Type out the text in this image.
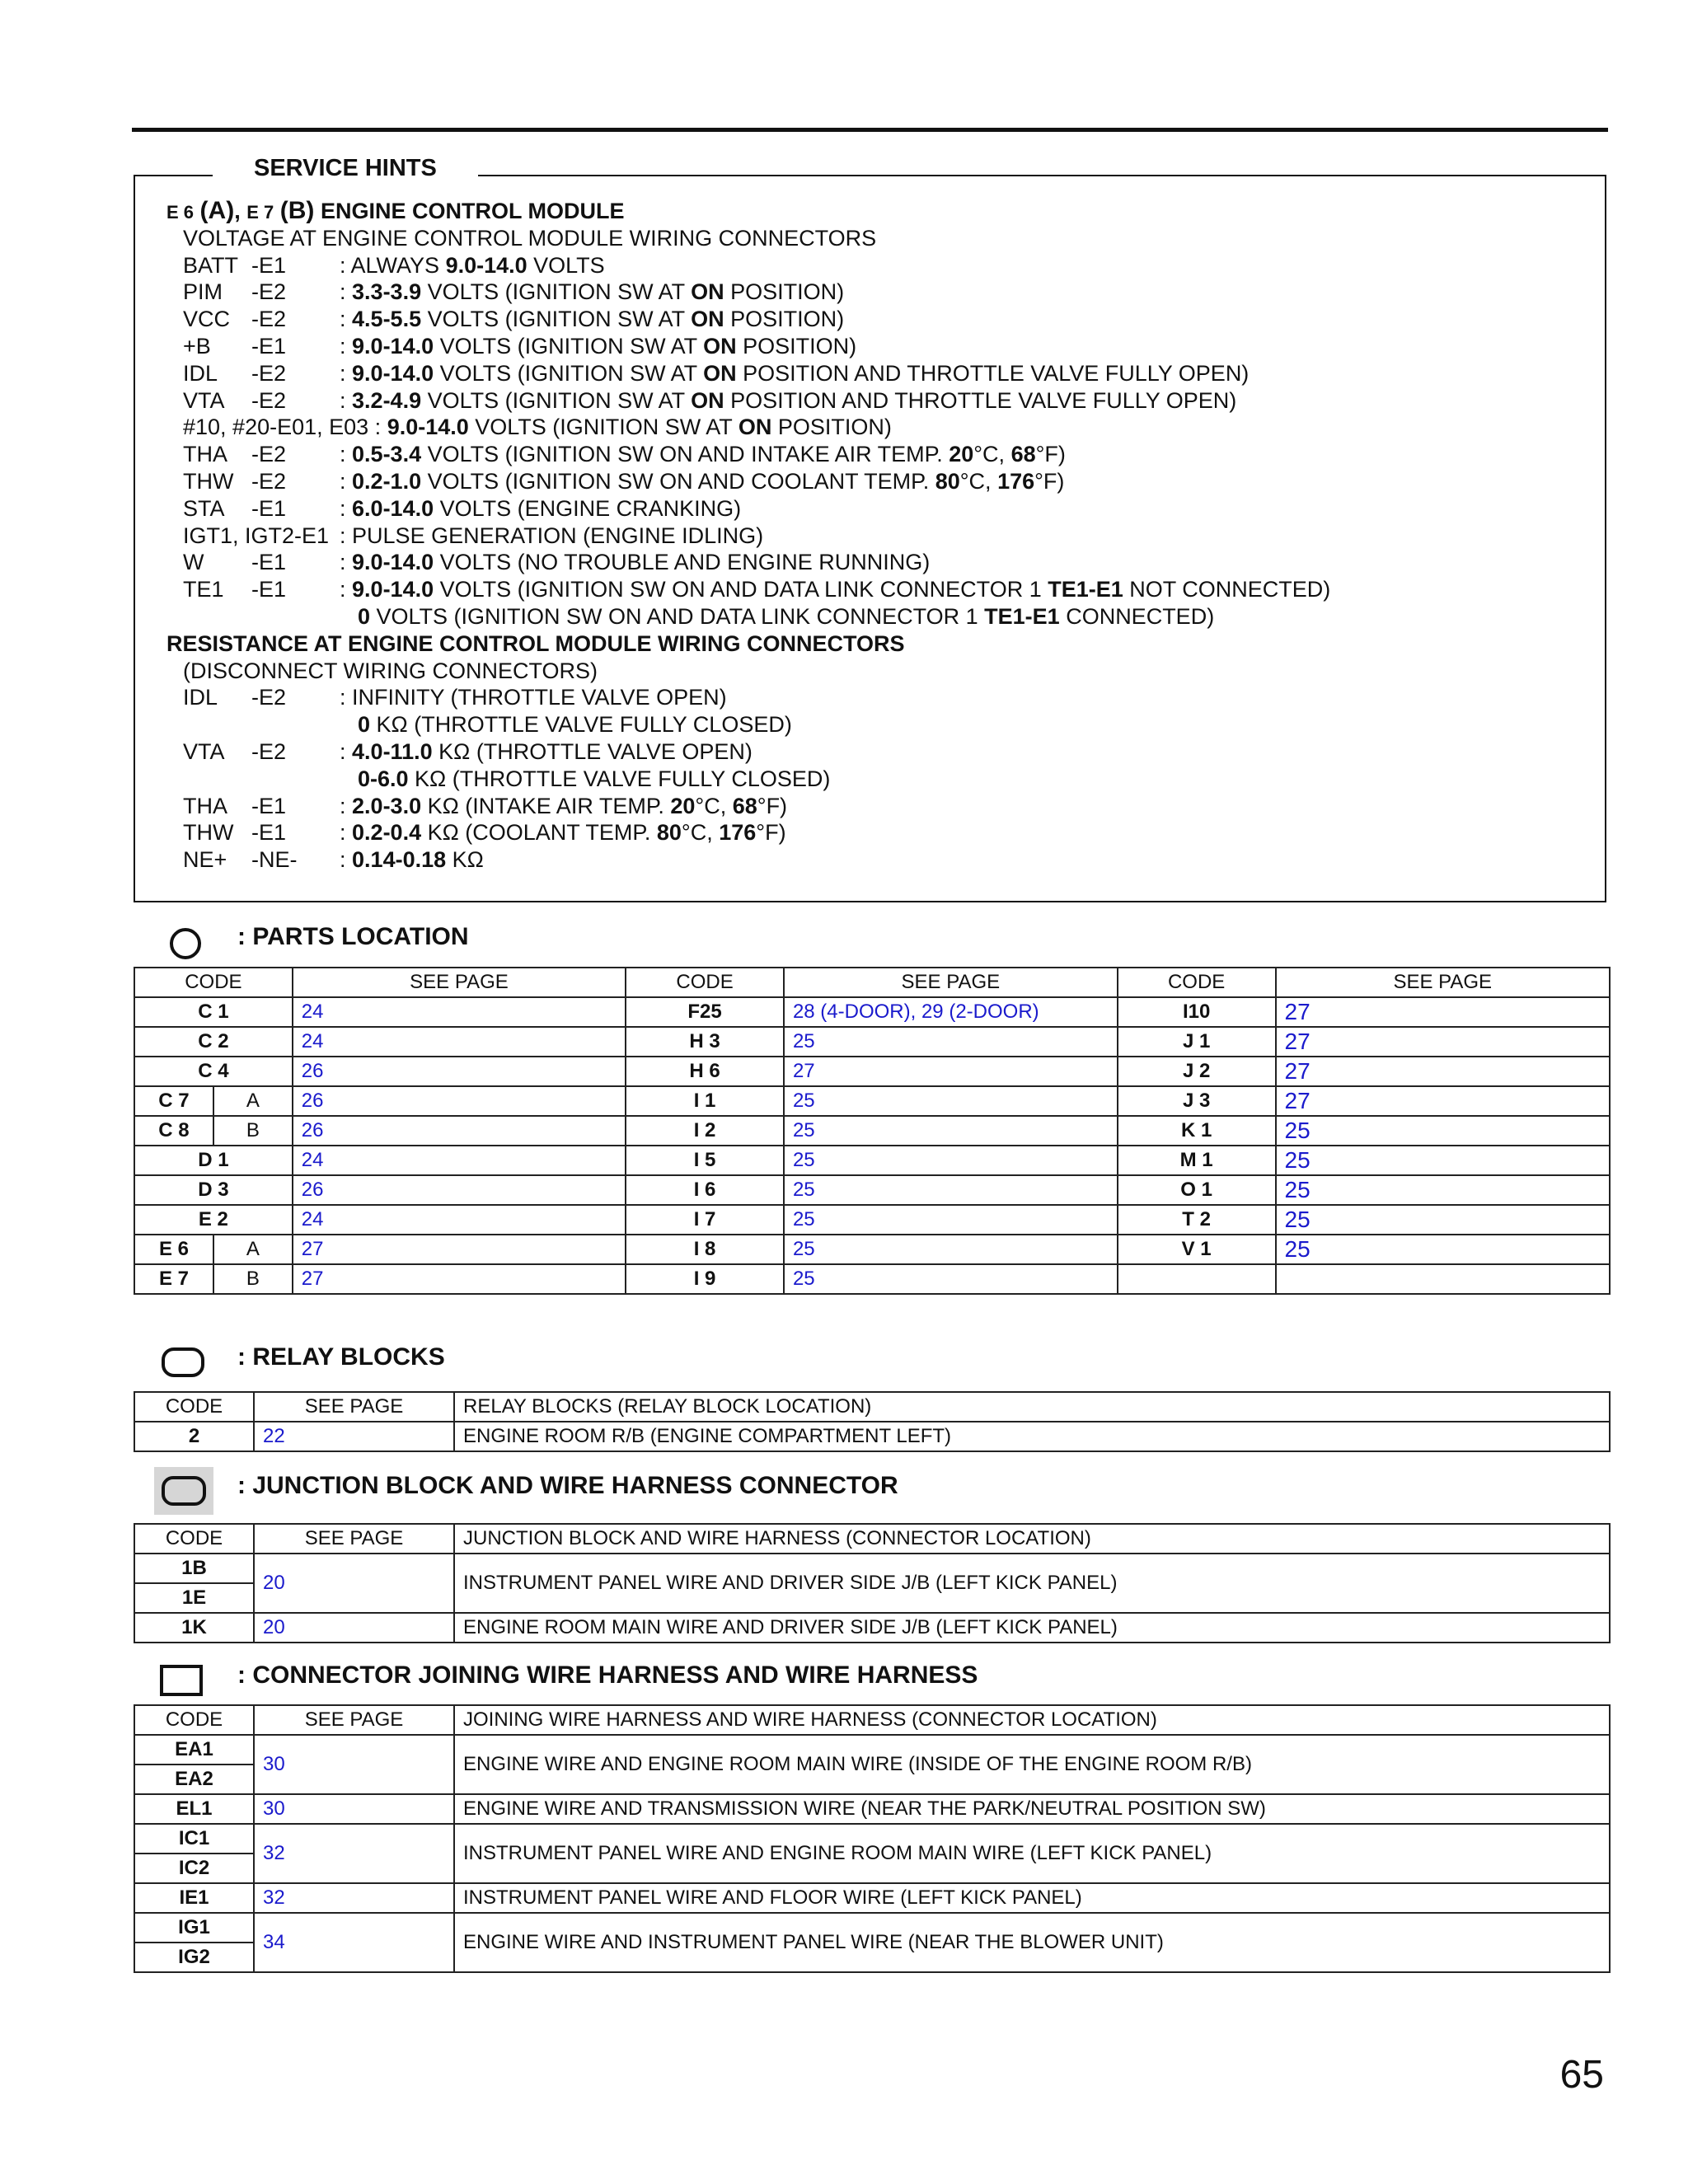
E 6 (A), E 7 (B) ENGINE CONTROL MODULE
VOLTAGE AT ENGINE CONTROL MODULE WIRING CONNECTORS
BATT -E1 : ALWAYS 9.0-14.0 VOLTS
PIM -E2 : 3.3-3.9 VOLTS (IGNITION SW AT ON POSITION)
VCC -E2 : 4.5-5.5 VOLTS (IGNITION SW AT ON POSITION)
+B -E1 : 9.0-14.0 VOLTS (IGNITION SW AT ON POSITION)
IDL -E2 : 9.0-14.0 VOLTS (IGNITION SW AT ON POSITION AND THROTTLE VALVE FULLY OPEN)
VTA -E2 : 3.2-4.9 VOLTS (IGNITION SW AT ON POSITION AND THROTTLE VALVE FULLY OPEN)
#10, #20-E01, E03 : 9.0-14.0 VOLTS (IGNITION SW AT ON POSITION)
THA -E2 : 0.5-3.4 VOLTS (IGNITION SW ON AND INTAKE AIR TEMP. 20°C, 68°F)
THW -E2 : 0.2-1.0 VOLTS (IGNITION SW ON AND COOLANT TEMP. 80°C, 176°F)
STA -E1 : 6.0-14.0 VOLTS (ENGINE CRANKING)
IGT1, IGT2-E1 : PULSE GENERATION (ENGINE IDLING)
W -E1 : 9.0-14.0 VOLTS (NO TROUBLE AND ENGINE RUNNING)
TE1 -E1 : 9.0-14.0 VOLTS (IGNITION SW ON AND DATA LINK CONNECTOR 1 TE1-E1 NOT CONNECTED)
0 VOLTS (IGNITION SW ON AND DATA LINK CONNECTOR 1 TE1-E1 CONNECTED)
RESISTANCE AT ENGINE CONTROL MODULE WIRING CONNECTORS
(DISCONNECT WIRING CONNECTORS)
IDL -E2 : INFINITY (THROTTLE VALVE OPEN)
0 KΩ (THROTTLE VALVE FULLY CLOSED)
VTA -E2 : 4.0-11.0 KΩ (THROTTLE VALVE OPEN)
0-6.0 KΩ (THROTTLE VALVE FULLY CLOSED)
THA -E1 : 2.0-3.0 KΩ (INTAKE AIR TEMP. 20°C, 68°F)
THW -E1 : 0.2-0.4 KΩ (COOLANT TEMP. 80°C, 176°F)
NE+ -NE- : 0.14-0.18 KΩ
SERVICE HINTS
: PARTS LOCATION
CODE		SEE PAGE	CODE	SEE PAGE	CODE	SEE PAGE
C 1		24	F25	28 (4-DOOR), 29 (2-DOOR)	I10	27
C 2		24	H 3	25	J 1	27
C 4		26	H 6	27	J 2	27
C 7	A	26	I 1	25	J 3	27
C 8	B	26	I 2	25	K 1	25
D 1		24	I 5	25	M 1	25
D 3		26	I 6	25	O 1	25
E 2		24	I 7	25	T 2	25
E 6	A	27	I 8	25	V 1	25
E 7	B	27	I 9	25		
: RELAY BLOCKS
CODE	SEE PAGE	RELAY BLOCKS (RELAY BLOCK LOCATION)
2	22	ENGINE ROOM R/B (ENGINE COMPARTMENT LEFT)
: JUNCTION BLOCK AND WIRE HARNESS CONNECTOR
CODE	SEE PAGE	JUNCTION BLOCK AND WIRE HARNESS (CONNECTOR LOCATION)
1B	20	INSTRUMENT PANEL WIRE AND DRIVER SIDE J/B (LEFT KICK PANEL)
1E		
1K	20	ENGINE ROOM MAIN WIRE AND DRIVER SIDE J/B (LEFT KICK PANEL)
: CONNECTOR JOINING WIRE HARNESS AND WIRE HARNESS
CODE	SEE PAGE	JOINING WIRE HARNESS AND WIRE HARNESS (CONNECTOR LOCATION)
EA1	30	ENGINE WIRE AND ENGINE ROOM MAIN WIRE (INSIDE OF THE ENGINE ROOM R/B)
EA2		
EL1	30	ENGINE WIRE AND TRANSMISSION WIRE (NEAR THE PARK/NEUTRAL POSITION SW)
IC1	32	INSTRUMENT PANEL WIRE AND ENGINE ROOM MAIN WIRE (LEFT KICK PANEL)
IC2		
IE1	32	INSTRUMENT PANEL WIRE AND FLOOR WIRE (LEFT KICK PANEL)
IG1	34	ENGINE WIRE AND INSTRUMENT PANEL WIRE (NEAR THE BLOWER UNIT)
IG2		
65
